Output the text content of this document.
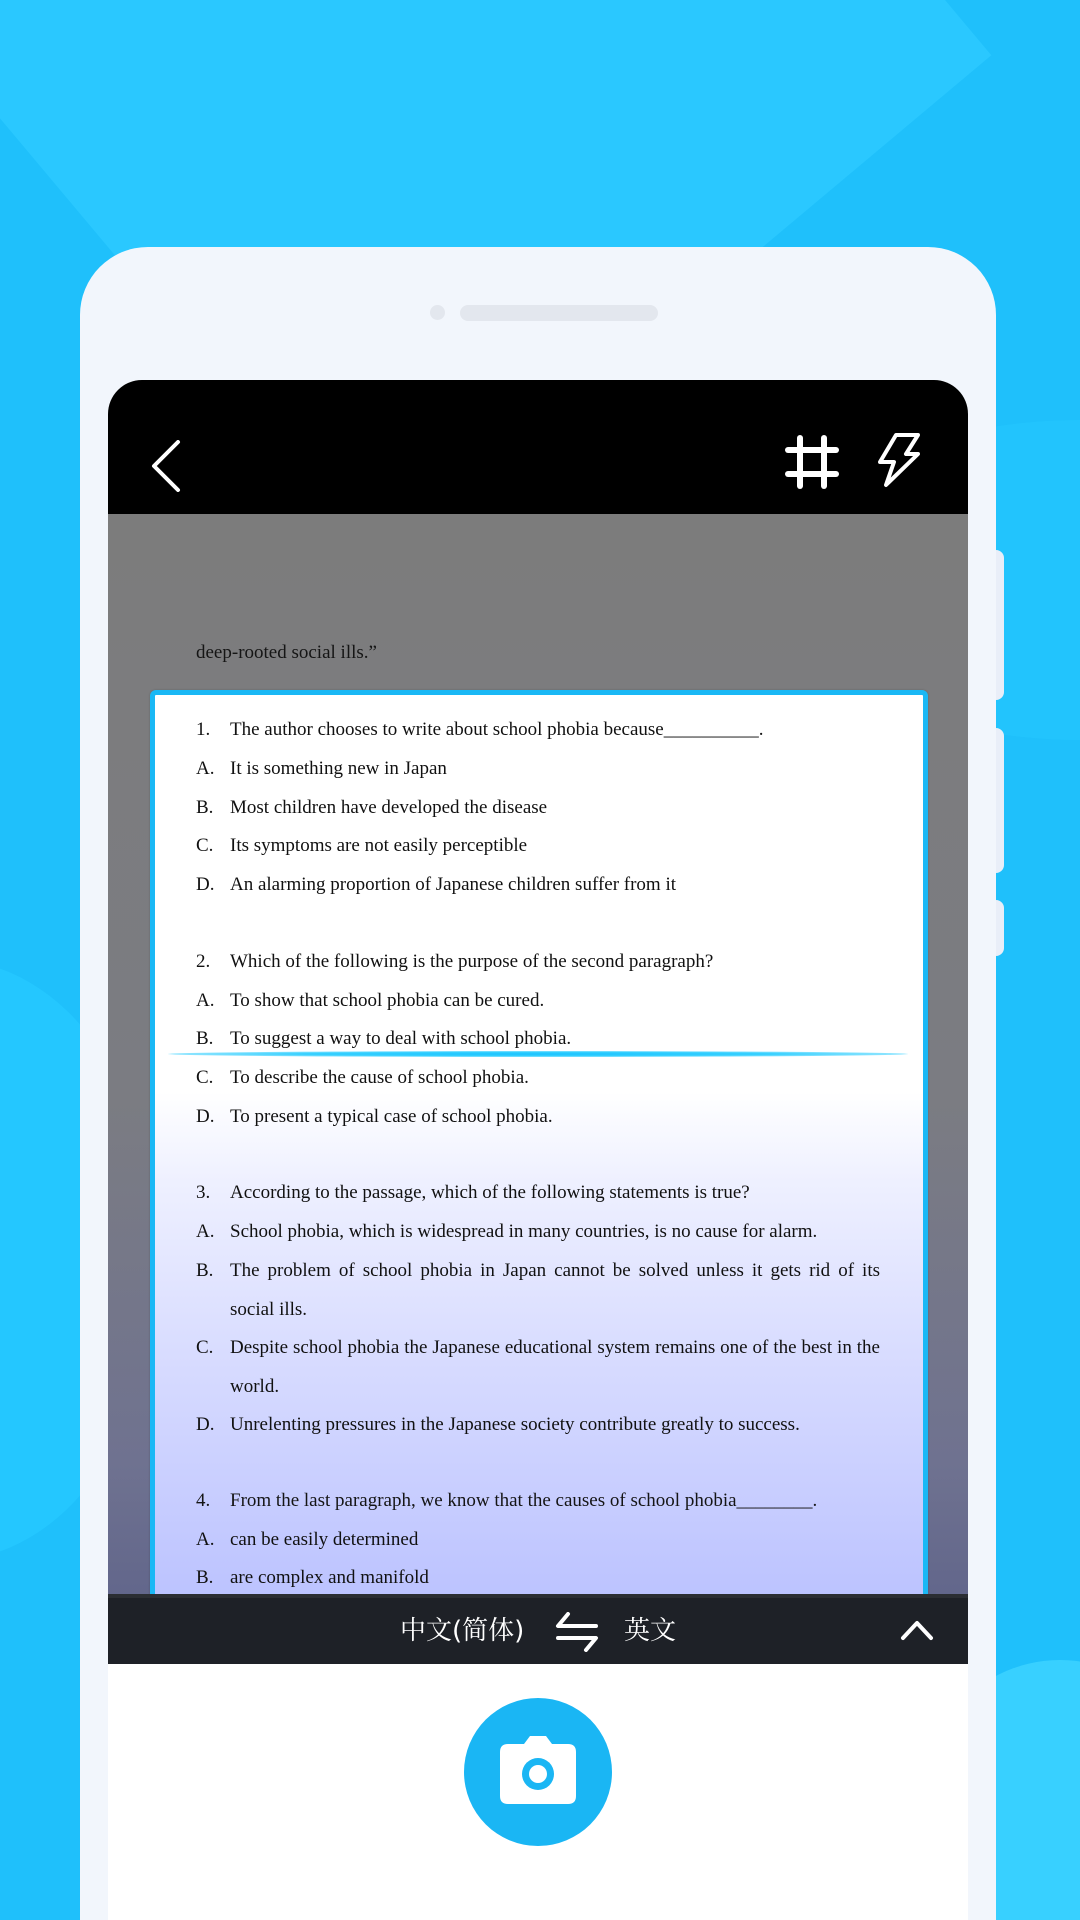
deep-rooted social ills.”
1.	The author chooses to write about school phobia because__________.
A. It is something new in Japan
B. Most children have developed the disease
C. Its symptoms are not easily perceptible
D. An alarming proportion of Japanese children suffer from it
2.	Which of the following is the purpose of the second paragraph?
A. To show that school phobia can be cured.
B. To suggest a way to deal with school phobia.
C. To describe the cause of school phobia.
D. To present a typical case of school phobia.
3.	According to the passage, which of the following statements is true?
A. School phobia, which is widespread in many countries, is no cause for alarm.
B. The problem of school phobia in Japan cannot be solved unless it gets rid of its social ills.
C. Despite school phobia the Japanese educational system remains one of the best in the world.
D. Unrelenting pressures in the Japanese society contribute greatly to success.
4.	From the last paragraph, we know that the causes of school phobia________.
A. can be easily determined
B. are complex and manifold
中文(简体)	英文
